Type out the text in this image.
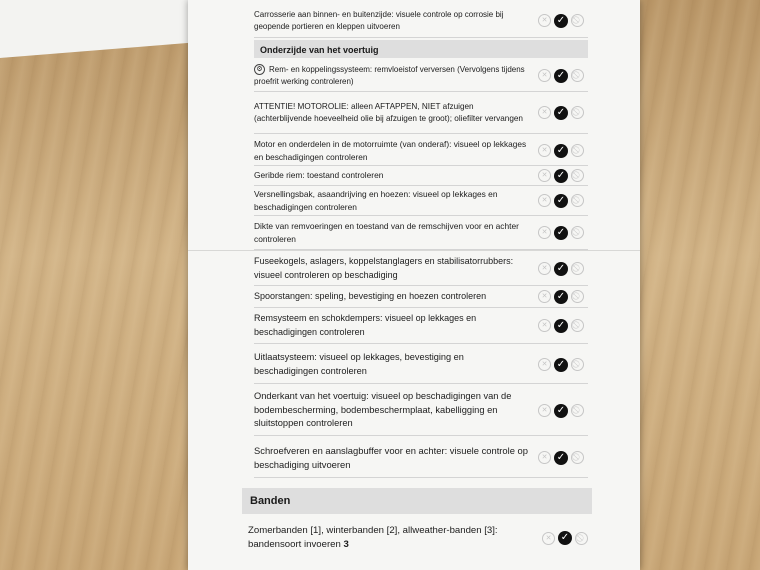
Carrosserie aan binnen- en buitenzijde: visuele controle op corrosie bij geopende portieren en kleppen uitvoeren

✕ ✓
Onderzijde van het voertuig

⚙ Rem- en koppelingssysteem: remvloeistof verversen (Vervolgens tijdens proefrit werking controleren)

✕ ✓

ATTENTIE! MOTOROLIE: alleen AFTAPPEN, NIET afzuigen (achterblijvende hoeveelheid olie bij afzuigen te groot); oliefilter vervangen

✕ ✓

Motor en onderdelen in de motorruimte (van onderaf): visueel op lekkages en beschadigingen controleren

✕ ✓

Geribde riem: toestand controleren	✕ ✓

Versnellingsbak, asaandrijving en hoezen: visueel op lekkages en beschadigingen controleren

✕ ✓

Dikte van remvoeringen en toestand van de remschijven voor en achter controleren

✕ ✓

Fuseekogels, aslagers, koppelstanglagers en stabilisatorrubbers: visueel controleren op beschadiging

✕ ✓

Spoorstangen: speling, bevestiging en hoezen controleren	✕ ✓

Remsysteem en schokdempers: visueel op lekkages en beschadigingen controleren

✕ ✓

Uitlaatsysteem: visueel op lekkages, bevestiging en beschadigingen controleren

✕ ✓

Onderkant van het voertuig: visueel op beschadigingen van de bodembescherming, bodembeschermplaat, kabelligging en sluitstoppen controleren

✕ ✓

Schroefveren en aanslagbuffer voor en achter: visuele controle op beschadiging uitvoeren

✕ ✓
Banden

Zomerbanden [1], winterbanden [2], allweather-banden [3]: bandensoort invoeren 3

✕ ✓
